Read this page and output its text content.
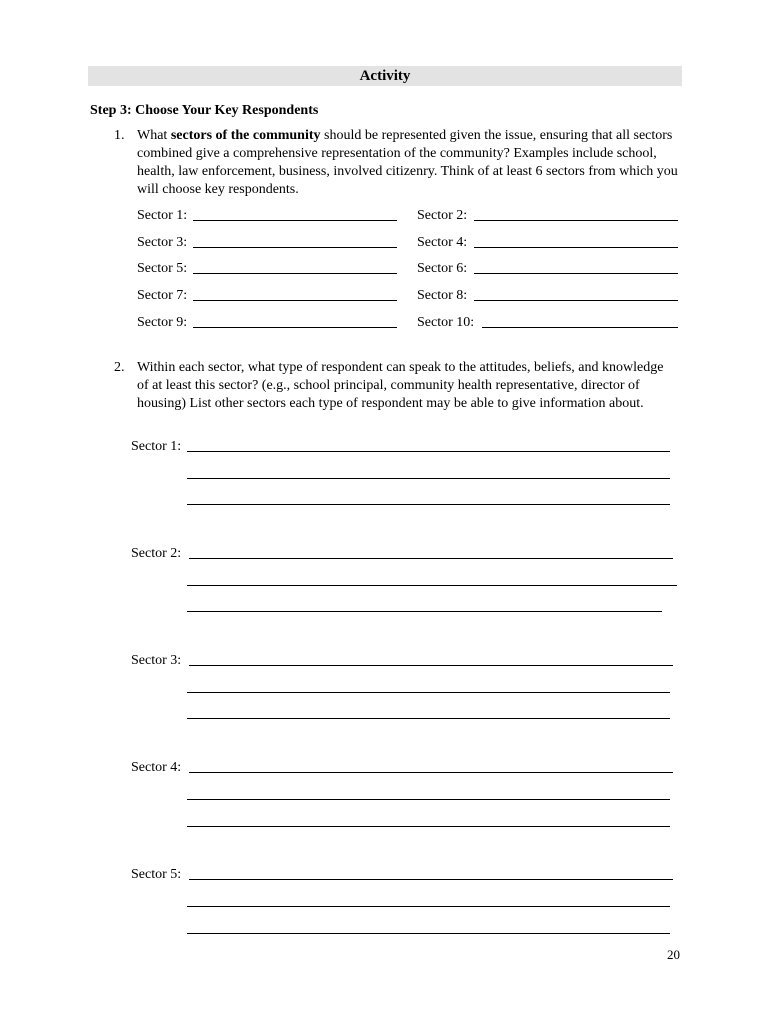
Activity
Step 3: Choose Your Key Respondents
1. What sectors of the community should be represented given the issue, ensuring that all sectors combined give a comprehensive representation of the community? Examples include school, health, law enforcement, business, involved citizenry. Think of at least 6 sectors from which you will choose key respondents.
Sector 1:	Sector 2:
Sector 3:	Sector 4:
Sector 5:	Sector 6:
Sector 7:	Sector 8:
Sector 9:	Sector 10:
2. Within each sector, what type of respondent can speak to the attitudes, beliefs, and knowledge of at least this sector? (e.g., school principal, community health representative, director of housing) List other sectors each type of respondent may be able to give information about.
Sector 1:
Sector 2:
Sector 3:
Sector 4:
Sector 5:
20
